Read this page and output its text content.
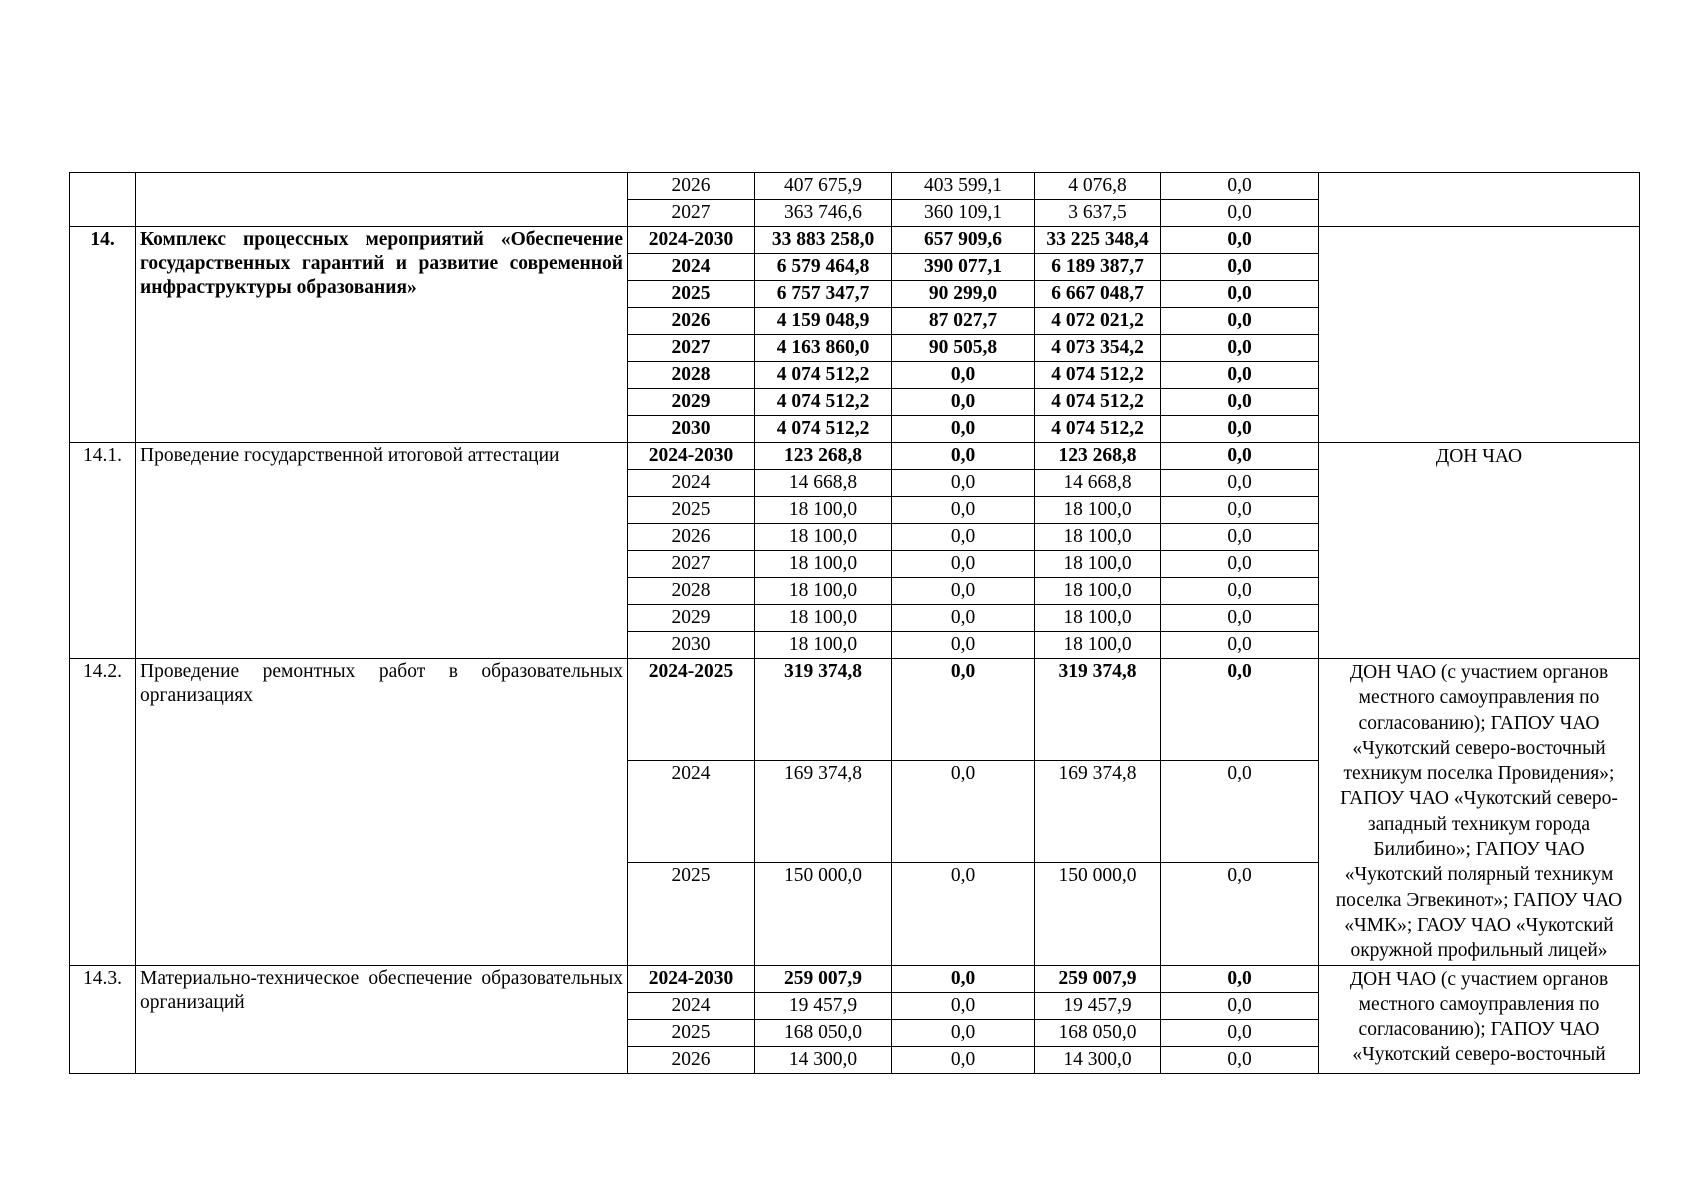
		2026	407 675,9	403 599,1	4 076,8	0,0	
		2027	363 746,6	360 109,1	3 637,5	0,0	
14.	Комплекс процессных мероприятий «Обеспечение государственных гарантий и развитие современной инфраструктуры образования»	2024-2030	33 883 258,0	657 909,6	33 225 348,4	0,0	
		2024	6 579 464,8	390 077,1	6 189 387,7	0,0	
		2025	6 757 347,7	90 299,0	6 667 048,7	0,0	
		2026	4 159 048,9	87 027,7	4 072 021,2	0,0	
		2027	4 163 860,0	90 505,8	4 073 354,2	0,0	
		2028	4 074 512,2	0,0	4 074 512,2	0,0	
		2029	4 074 512,2	0,0	4 074 512,2	0,0	
		2030	4 074 512,2	0,0	4 074 512,2	0,0	
14.1.	Проведение государственной итоговой аттестации	2024-2030	123 268,8	0,0	123 268,8	0,0	ДОН ЧАО
		2024	14 668,8	0,0	14 668,8	0,0	
		2025	18 100,0	0,0	18 100,0	0,0	
		2026	18 100,0	0,0	18 100,0	0,0	
		2027	18 100,0	0,0	18 100,0	0,0	
		2028	18 100,0	0,0	18 100,0	0,0	
		2029	18 100,0	0,0	18 100,0	0,0	
		2030	18 100,0	0,0	18 100,0	0,0	
14.2.	Проведение ремонтных работ в образовательных организациях	2024-2025	319 374,8	0,0	319 374,8	0,0	ДОН ЧАО (с участием органов местного самоуправления по согласованию); ГАПОУ ЧАО «Чукотский северо-восточный техникум поселка Провидения»; ГАПОУ ЧАО «Чукотский северо-западный техникум города Билибино»; ГАПОУ ЧАО «Чукотский полярный техникум поселка Эгвекинот»; ГАПОУ ЧАО «ЧМК»; ГАОУ ЧАО «Чукотский окружной профильный лицей»
		2024	169 374,8	0,0	169 374,8	0,0	
		2025	150 000,0	0,0	150 000,0	0,0	
14.3.	Материально-техническое обеспечение образовательных организаций	2024-2030	259 007,9	0,0	259 007,9	0,0	ДОН ЧАО (с участием органов местного самоуправления по согласованию); ГАПОУ ЧАО «Чукотский северо-восточный
		2024	19 457,9	0,0	19 457,9	0,0	
		2025	168 050,0	0,0	168 050,0	0,0	
		2026	14 300,0	0,0	14 300,0	0,0	
